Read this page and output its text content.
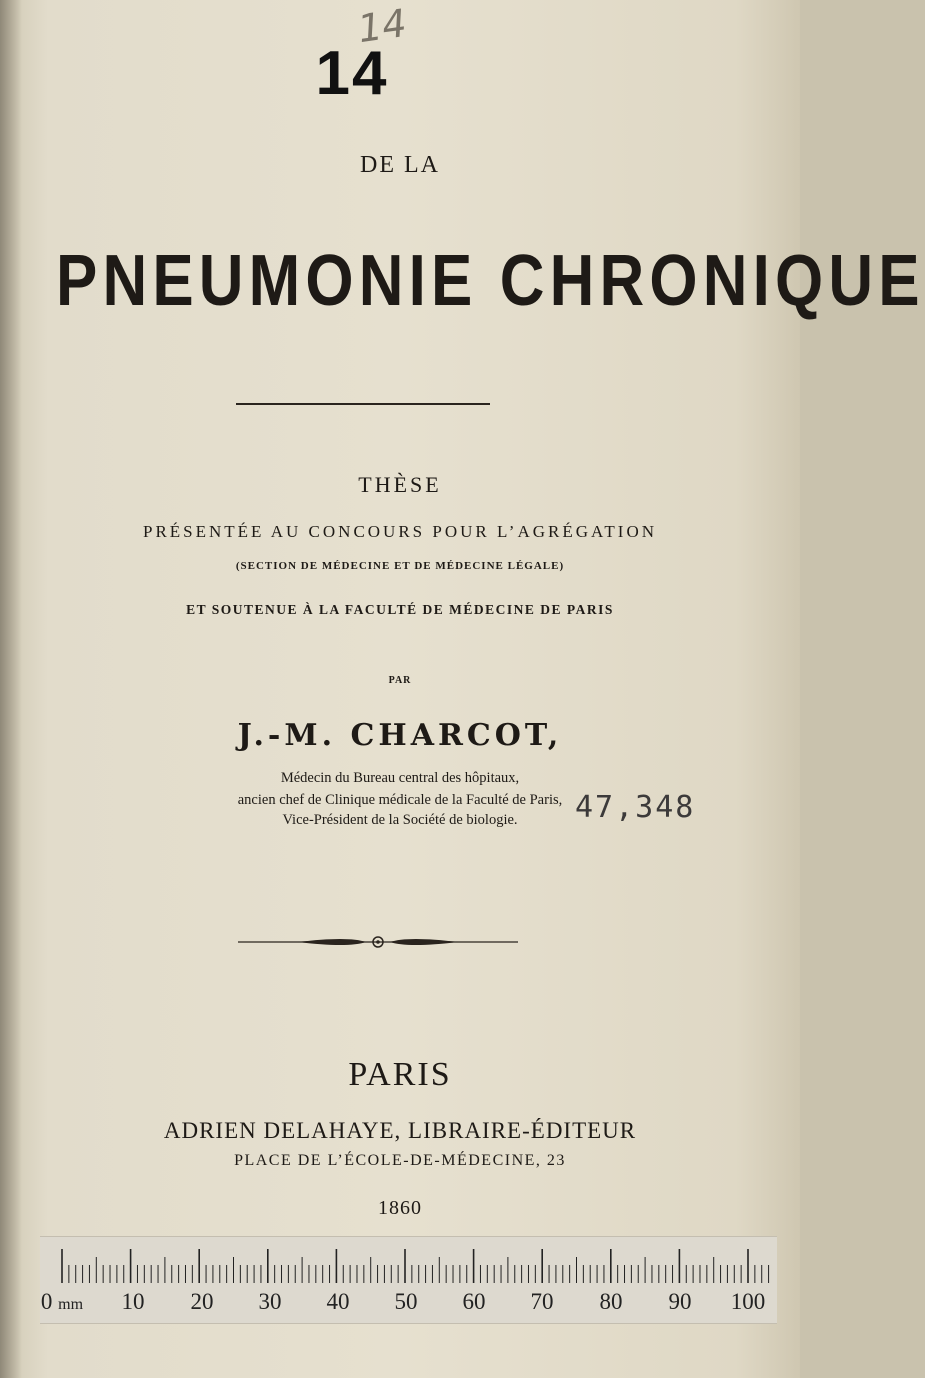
14
14
DE LA
PNEUMONIE CHRONIQUE
THÈSE
PRÉSENTÉE AU CONCOURS POUR L’AGRÉGATION
(SECTION DE MÉDECINE ET DE MÉDECINE LÉGALE)
ET SOUTENUE À LA FACULTÉ DE MÉDECINE DE PARIS
PAR
J.-M. CHARCOT,
Médecin du Bureau central des hôpitaux,
ancien chef de Clinique médicale de la Faculté de Paris,
Vice-Président de la Société de biologie.	47,348
PARIS
ADRIEN DELAHAYE, LIBRAIRE-ÉDITEUR
PLACE DE L’ÉCOLE-DE-MÉDECINE, 23
1860
0 mm 10 20 30 40 50 60 70 80 90 100
